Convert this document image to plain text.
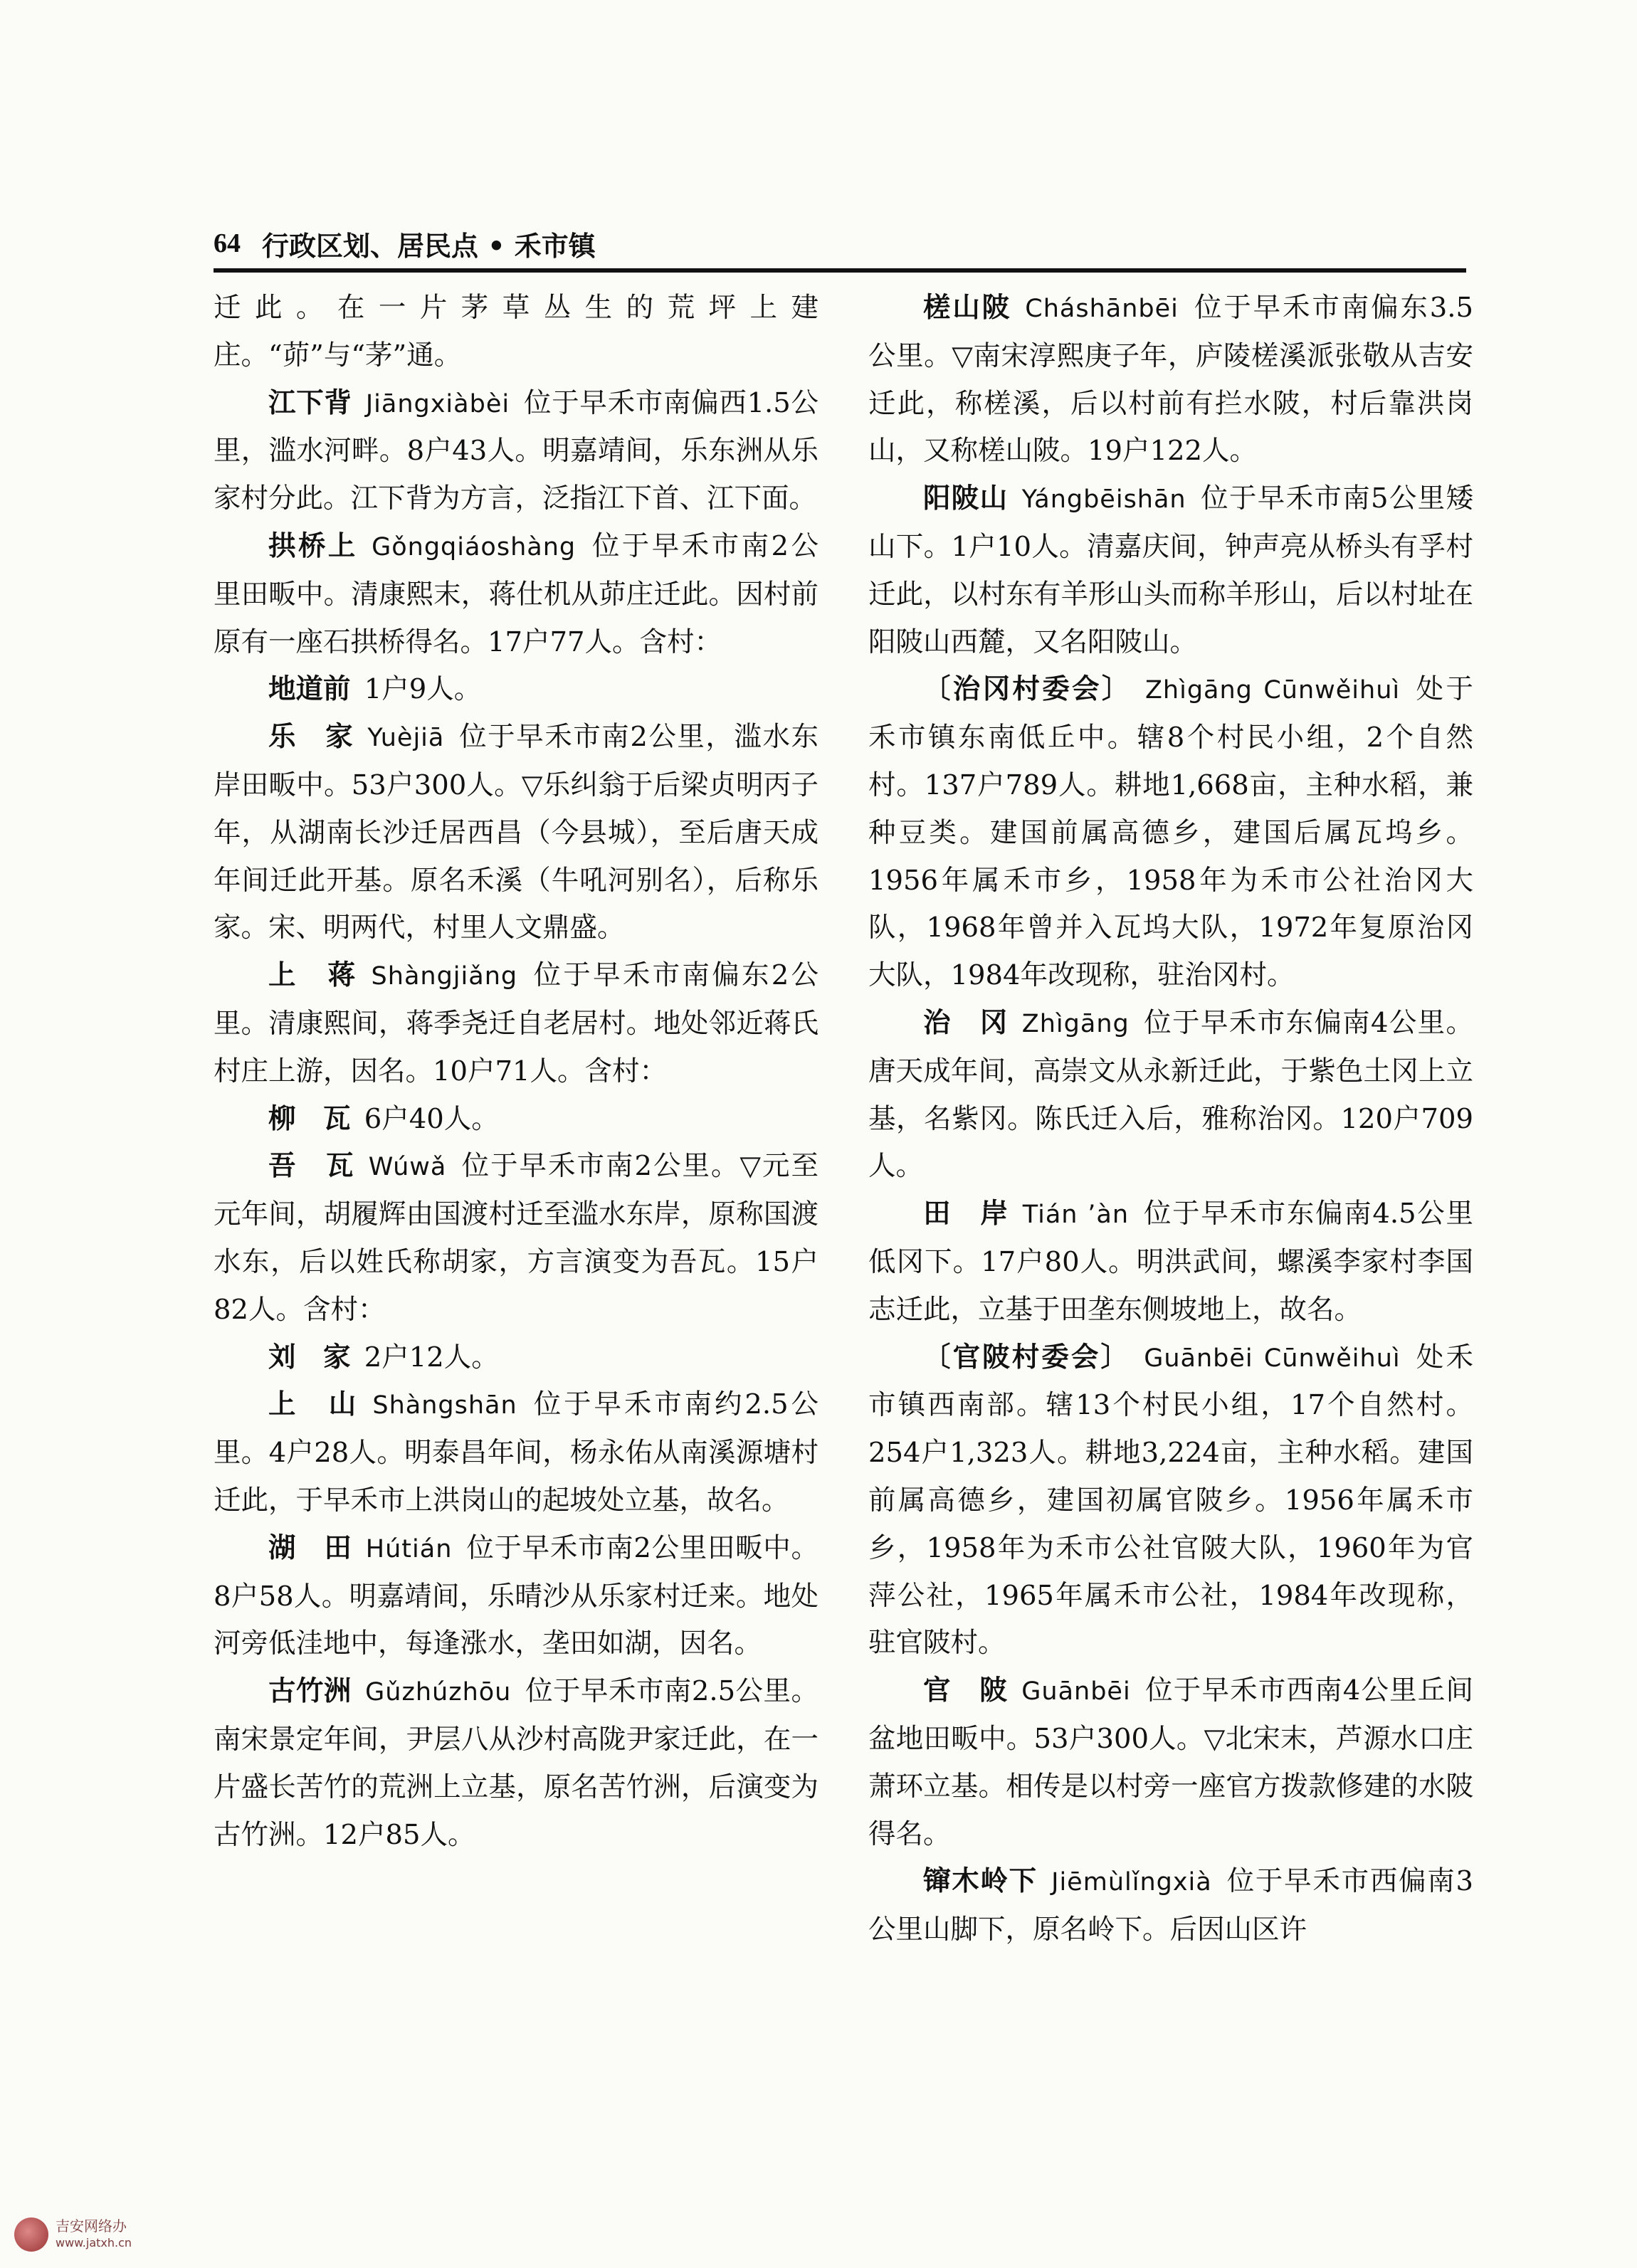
64 行政区划、居民点 • 禾市镇

迁此。在一片茅草丛生的荒坪上建庄。“茆”与“茅”通。

江下背  Jiāngxiàbèi  位于早禾市南偏西1.5公里，滥水河畔。8户43人。明嘉靖间，乐东洲从乐家村分此。江下背为方言，泛指江下首、江下面。

拱桥上  Gǒngqiáoshàng  位于早禾市南2公里田畈中。清康熙末，蒋仕机从茆庄迁此。因村前原有一座石拱桥得名。17户77人。含村：

地道前  1户9人。

乐　家  Yuèjiā  位于早禾市南2公里，滥水东岸田畈中。53户300人。▽乐纠翁于后梁贞明丙子年，从湖南长沙迁居西昌（今县城），至后唐天成年间迁此开基。原名禾溪（牛吼河别名），后称乐家。宋、明两代，村里人文鼎盛。

上　蒋  Shàngjiǎng  位于早禾市南偏东2公里。清康熙间，蒋季尧迁自老居村。地处邻近蒋氏村庄上游，因名。10户71人。含村：

柳　瓦  6户40人。

吾　瓦  Wúwǎ  位于早禾市南2公里。▽元至元年间，胡履辉由国渡村迁至滥水东岸，原称国渡水东，后以姓氏称胡家，方言演变为吾瓦。15户82人。含村：

刘　家  2户12人。

上　山  Shàngshān  位于早禾市南约2.5公里。4户28人。明泰昌年间，杨永佑从南溪源塘村迁此，于早禾市上洪岗山的起坡处立基，故名。

湖　田  Hútián  位于早禾市南2公里田畈中。8户58人。明嘉靖间，乐晴沙从乐家村迁来。地处河旁低洼地中，每逢涨水，垄田如湖，因名。

古竹洲  Gǔzhúzhōu  位于早禾市南2.5公里。南宋景定年间，尹层八从沙村高陇尹家迁此，在一片盛长苦竹的荒洲上立基，原名苦竹洲，后演变为古竹洲。12户85人。

槎山陂  Cháshānbēi  位于早禾市南偏东3.5公里。▽南宋淳熙庚子年，庐陵槎溪派张敬从吉安迁此，称槎溪，后以村前有拦水陂，村后靠洪岗山，又称槎山陂。19户122人。

阳陂山  Yángbēishān  位于早禾市南5公里矮山下。1户10人。清嘉庆间，钟声亮从桥头有孚村迁此，以村东有羊形山头而称羊形山，后以村址在阳陂山西麓，又名阳陂山。

〔治冈村委会〕  Zhìgāng Cūnwěihuì  处于禾市镇东南低丘中。辖8个村民小组，2个自然村。137户789人。耕地1,668亩，主种水稻，兼种豆类。建国前属高德乡，建国后属瓦坞乡。1956年属禾市乡，1958年为禾市公社治冈大队，1968年曾并入瓦坞大队，1972年复原治冈大队，1984年改现称，驻治冈村。

治　冈  Zhìgāng  位于早禾市东偏南4公里。唐天成年间，高崇文从永新迁此，于紫色土冈上立基，名紫冈。陈氏迁入后，雅称治冈。120户709人。

田　岸  Tián ’àn  位于早禾市东偏南4.5公里低冈下。17户80人。明洪武间，螺溪李家村李国志迁此，立基于田垄东侧坡地上，故名。

〔官陂村委会〕  Guānbēi Cūnwěihuì  处禾市镇西南部。辖13个村民小组，17个自然村。254户1,323人。耕地3,224亩，主种水稻。建国前属高德乡，建国初属官陂乡。1956年属禾市乡，1958年为禾市公社官陂大队，1960年为官萍公社，1965年属禾市公社，1984年改现称，驻官陂村。

官　陂  Guānbēi  位于早禾市西南4公里丘间盆地田畈中。53户300人。▽北宋末，芦源水口庄萧环立基。相传是以村旁一座官方拨款修建的水陂得名。

镩木岭下  Jiēmùlǐngxià  位于早禾市西偏南3公里山脚下，原名岭下。后因山区许

吉安网络办
www.jatxh.cn
